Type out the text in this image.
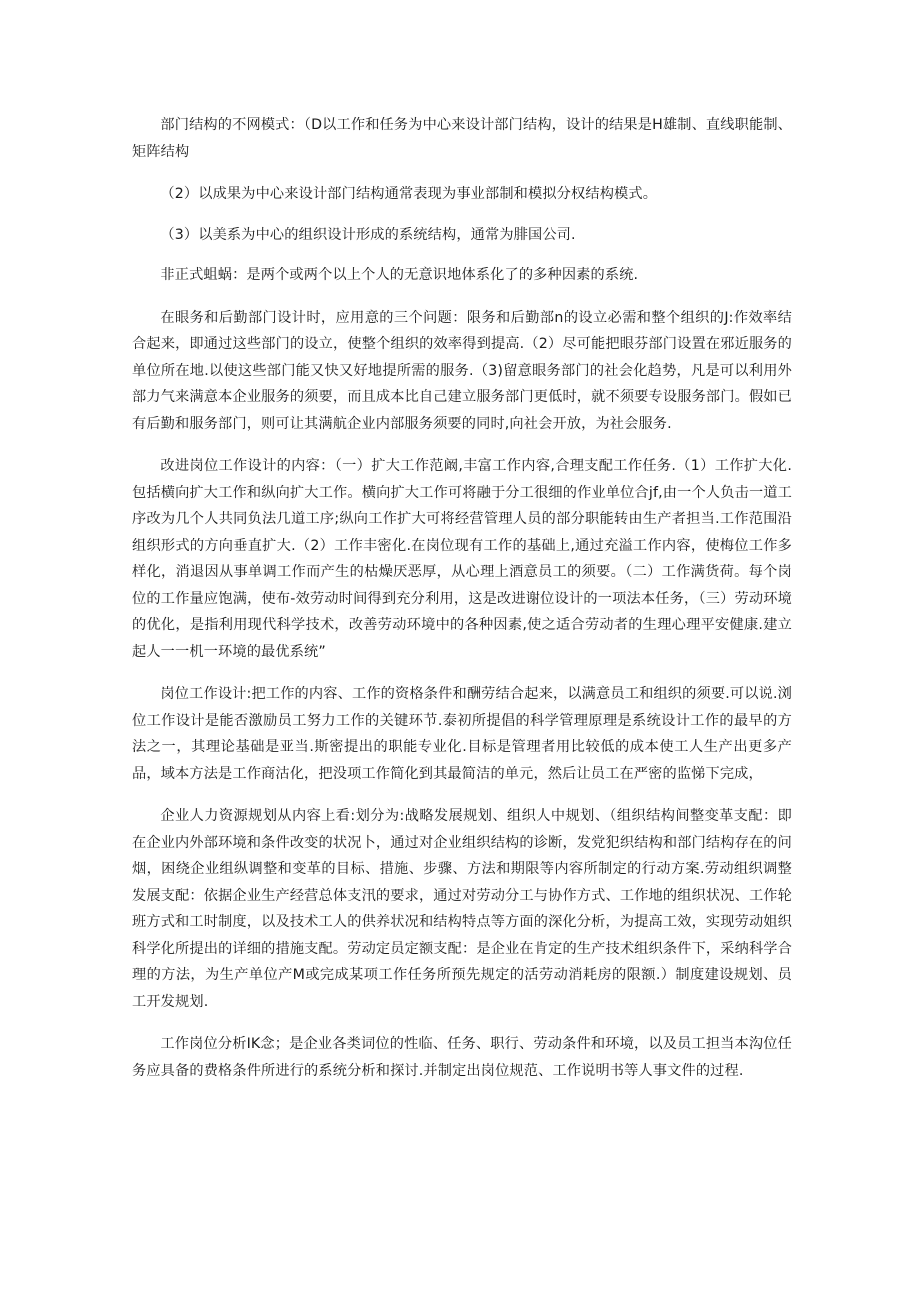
部门结构的不网模式：（D以工作和任务为中心来设计部门结构，设计的结果是H雄制、直线职能制、矩阵结构

（2）以成果为中心来设计部门结构通常表现为事业部制和模拟分权结构模式。

（3）以美系为中心的组织设计形成的系统结构，通常为腓国公司.

非正式蛆蜗：是两个或两个以上个人的无意识地体系化了的多种因素的系统.

在眼务和后勤部门设计时，应用意的三个问题：限务和后勤部n的设立必需和整个组织的J:作效率结合起来，即通过这些部门的设立，使整个组织的效率得到提高.（2）尽可能把眼芬部门设置在邪近服务的单位所在地.以使这些部门能又快又好地提所需的服务.（3)留意眼务部门的社会化趋势，凡是可以利用外部力气来满意本企业服务的须要，而且成本比自己建立服务部门更低时，就不须要专设服务部门。假如已有后勤和服务部门，则可让其满航企业内部服务须要的同时,向社会开放，为社会服务.

改进岗位工作设计的内容：（一）扩大工作范阚,丰富工作内容,合理支配工作任务.（1）工作扩大化.包括横向扩大工作和纵向扩大工作。横向扩大工作可将融于分工很细的作业单位合jf,由一个人负击一道工序改为几个人共同负法几道工序;纵向工作扩大可将经营管理人员的部分职能转由生产者担当.工作范围沿组织形式的方向垂直扩大.（2）工作丰密化.在岗位现有工作的基础上,通过充溢工作内容，使梅位工作多样化，消退因从事单调工作而产生的枯燥厌恶厚，从心理上酒意员工的须要。（二）工作满货荷。每个岗位的工作量应饱满，使布-效劳动时间得到充分利用，这是改进谢位设计的一项法本任务，（三）劳动环境的优化，是指利用现代科学技术，改善劳动环境中的各种因素,使之适合劳动者的生理心理平安健康.建立起人一一机一环境的最优系统”

岗位工作设计:把工作的内容、工作的资格条件和酬劳结合起来，以满意员工和组织的须要.可以说.浏位工作设计是能否激励员工努力工作的关键环节.泰初所提倡的科学管理原理是系统设计工作的最早的方法之一，其理论基础是亚当.斯密提出的职能专业化.目标是管理者用比较低的成本使工人生产出更多产品，域本方法是工作商沽化，把没项工作简化到其最简洁的单元，然后让员工在严密的监悌下完成，

企业人力资源规划从内容上看:划分为:战略发展规划、组织人中规划、（组织结构间整变革支配：即在企业内外部环境和条件改变的状况卜，通过对企业组织结构的诊断，发党犯织结构和部门结构存在的问烟，困绕企业组纵调整和变革的目标、措施、步骤、方法和期限等内容所制定的行动方案.劳动组织调整发展支配：依据企业生产经营总体支汛的要求，通过对劳动分工与协作方式、工作地的组织状况、工作轮班方式和工时制度，以及技术工人的供养状况和结构特点等方面的深化分析，为提高工效，实现劳动姐织科学化所提出的详细的措施支配。劳动定员定额支配：是企业在肯定的生产技术组织条件下，采纳科学合理的方法，为生产单位产M或完成某项工作任务所预先规定的活劳动消耗房的限额.）制度建设规划、员工开发规划.

工作岗位分析IK念；是企业各类词位的性临、任务、职行、劳动条件和环境，以及员工担当本沟位任务应具备的费格条件所进行的系统分析和探讨.并制定出岗位规范、工作说明书等人事文件的过程.
